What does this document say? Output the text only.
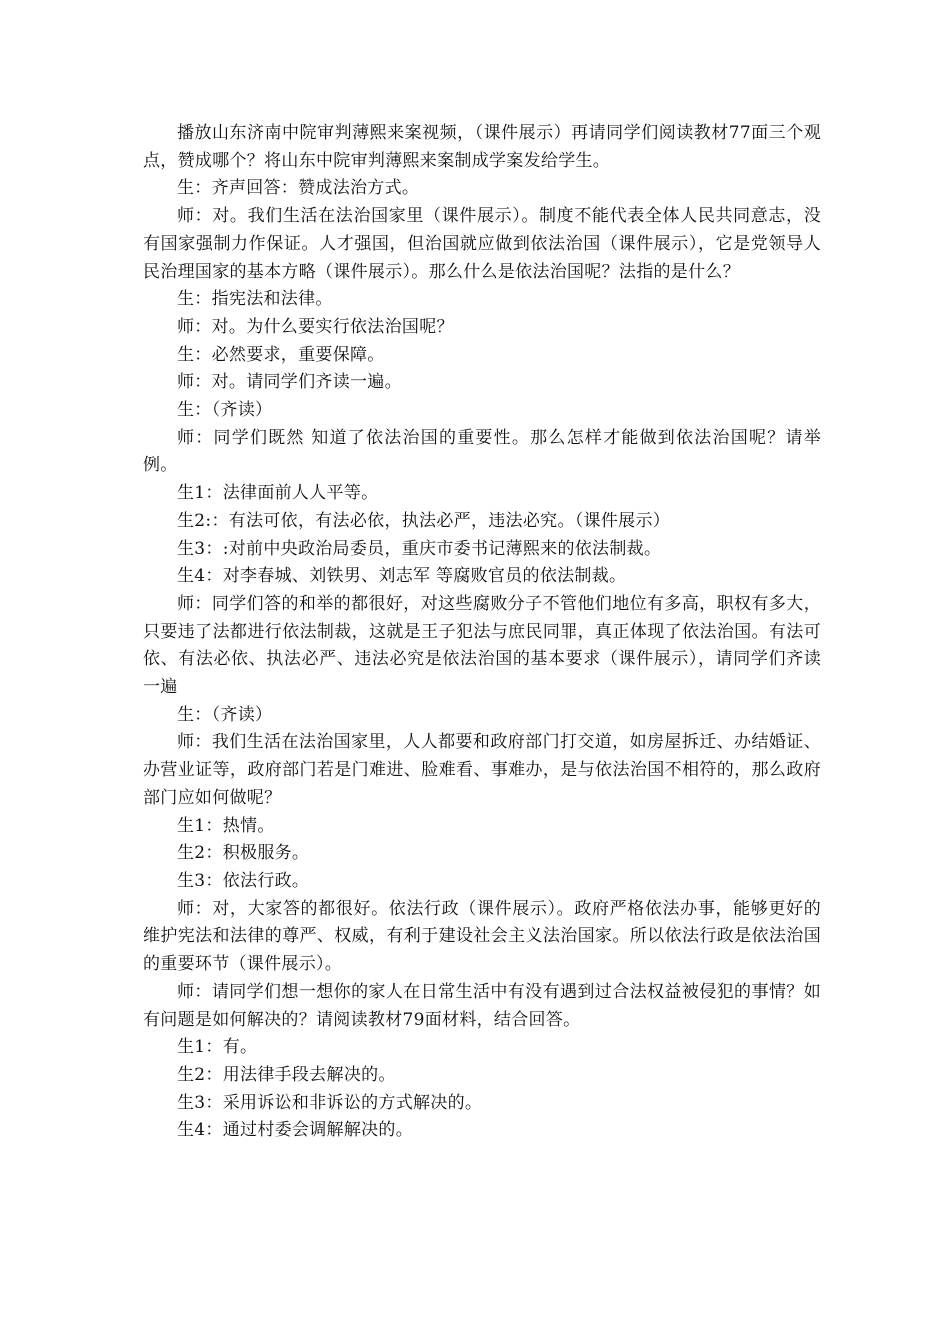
播放山东济南中院审判薄熙来案视频，（课件展示）再请同学们阅读教材77面三个观点，赞成哪个？将山东中院审判薄熙来案制成学案发给学生。

生：齐声回答：赞成法治方式。

师：对。我们生活在法治国家里（课件展示）。制度不能代表全体人民共同意志，没有国家强制力作保证。人才强国，但治国就应做到依法治国（课件展示），它是党领导人民治理国家的基本方略（课件展示）。那么什么是依法治国呢？法指的是什么？

生：指宪法和法律。

师：对。为什么要实行依法治国呢？

生：必然要求，重要保障。

师：对。请同学们齐读一遍。

生：（齐读）

师：同学们既然 知道了依法治国的重要性。那么怎样才能做到依法治国呢？请举例。

生1：法律面前人人平等。

生2:：有法可依，有法必依，执法必严，违法必究。（课件展示）

生3：:对前中央政治局委员，重庆市委书记薄熙来的依法制裁。

生4：对李春城、刘铁男、刘志军 等腐败官员的依法制裁。

师：同学们答的和举的都很好，对这些腐败分子不管他们地位有多高，职权有多大，只要违了法都进行依法制裁，这就是王子犯法与庶民同罪，真正体现了依法治国。有法可依、有法必依、执法必严、违法必究是依法治国的基本要求（课件展示），请同学们齐读一遍

生：（齐读）

师：我们生活在法治国家里，人人都要和政府部门打交道，如房屋拆迁、办结婚证、办营业证等，政府部门若是门难进、脸难看、事难办，是与依法治国不相符的，那么政府部门应如何做呢？

生1：热情。

生2：积极服务。

生3：依法行政。

师：对，大家答的都很好。依法行政（课件展示）。政府严格依法办事，能够更好的维护宪法和法律的尊严、权威，有利于建设社会主义法治国家。所以依法行政是依法治国的重要环节（课件展示）。

师：请同学们想一想你的家人在日常生活中有没有遇到过合法权益被侵犯的事情？如有问题是如何解决的？请阅读教材79面材料，结合回答。

生1：有。

生2：用法律手段去解决的。

生3：采用诉讼和非诉讼的方式解决的。

生4：通过村委会调解解决的。
